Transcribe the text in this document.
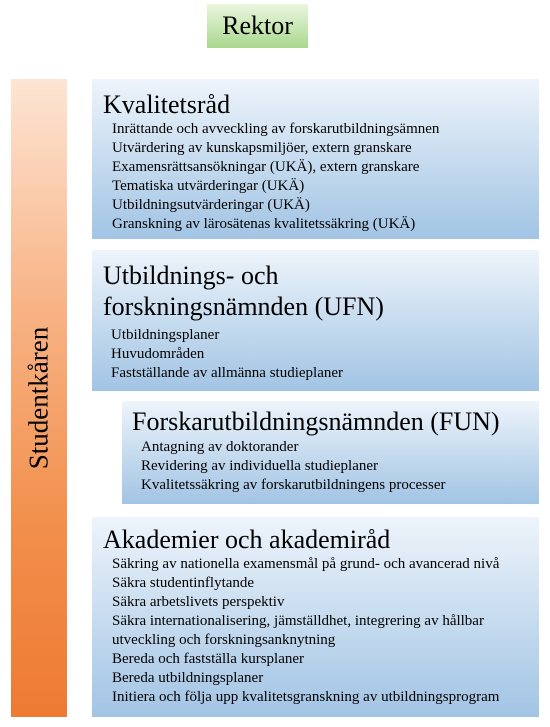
Rektor
Studentkåren
Kvalitetsråd
Inrättande och avveckling av forskarutbildningsämnen
Utvärdering av kunskapsmiljöer, extern granskare
Examensrättsansökningar (UKÄ), extern granskare
Tematiska utvärderingar (UKÄ)
Utbildningsutvärderingar (UKÄ)
Granskning av lärosätenas kvalitetssäkring (UKÄ)
Utbildnings- och
forskningsnämnden (UFN)
Utbildningsplaner
Huvudområden
Fastställande av allmänna studieplaner
Forskarutbildningsnämnden (FUN)
Antagning av doktorander
Revidering av individuella studieplaner
Kvalitetssäkring av forskarutbildningens processer
Akademier och akademiråd
Säkring av nationella examensmål på grund- och avancerad nivå
Säkra studentinflytande
Säkra arbetslivets perspektiv
Säkra internationalisering, jämställdhet, integrering av hållbar
utveckling och forskningsanknytning
Bereda och fastställa kursplaner
Bereda utbildningsplaner
Initiera och följa upp kvalitetsgranskning av utbildningsprogram
